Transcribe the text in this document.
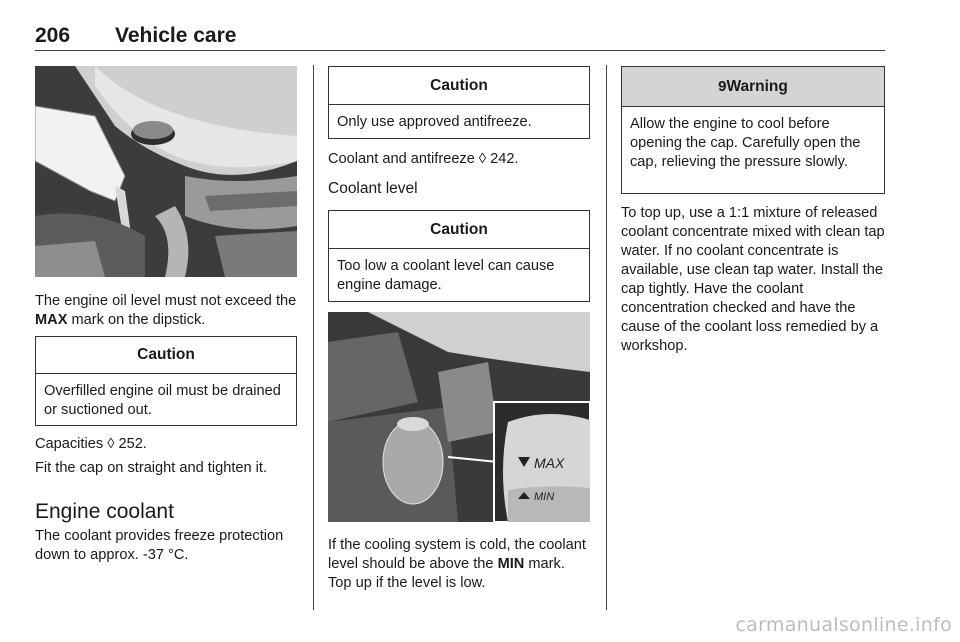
206 Vehicle care

The engine oil level must not exceed the MAX mark on the dipstick.

Caution
Overfilled engine oil must be drained or suctioned out.

Capacities ◊ 252.

Fit the cap on straight and tighten it.

Engine coolant

The coolant provides freeze protection down to approx. -37 °C.

Caution
Only use approved antifreeze.

Coolant and antifreeze ◊ 242.

Coolant level
Caution
Too low a coolant level can cause engine damage.
MAX
MIN

If the cooling system is cold, the coolant level should be above the MIN mark. Top up if the level is low.

9 Warning
Allow the engine to cool before opening the cap. Carefully open the cap, relieving the pressure slowly.

To top up, use a 1:1 mixture of released coolant concentrate mixed with clean tap water. If no coolant concentrate is available, use clean tap water. Install the cap tightly. Have the coolant concentration checked and have the cause of the coolant loss remedied by a workshop.

carmanualsonline.info
